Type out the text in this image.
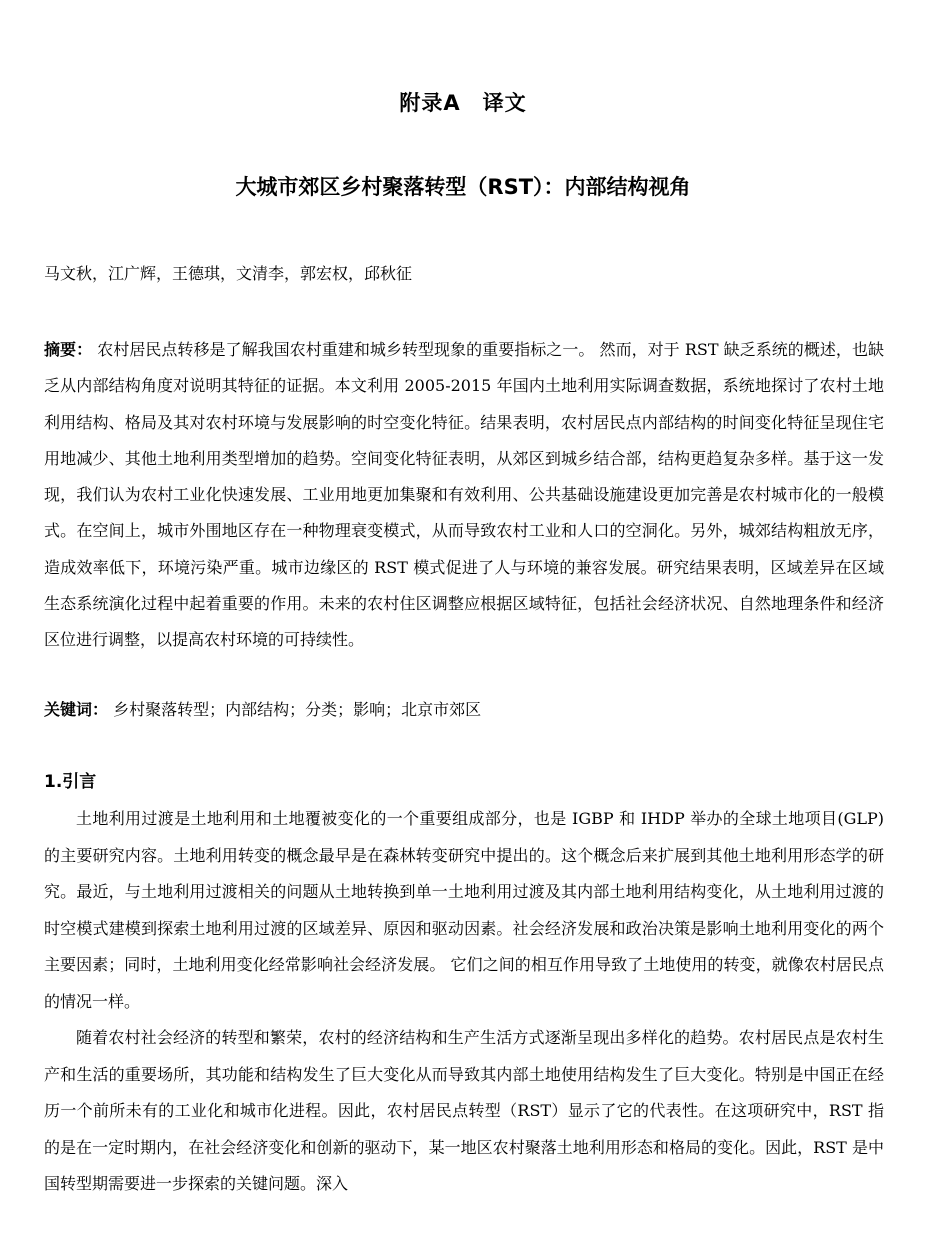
附录A 译文
大城市郊区乡村聚落转型（RST）：内部结构视角
马文秋，江广辉，王德琪，文清李，郭宏权，邱秋征
摘要： 农村居民点转移是了解我国农村重建和城乡转型现象的重要指标之一。 然而，对于 RST 缺乏系统的概述，也缺乏从内部结构角度对说明其特征的证据。本文利用 2005-2015 年国内土地利用实际调查数据，系统地探讨了农村土地利用结构、格局及其对农村环境与发展影响的时空变化特征。结果表明，农村居民点内部结构的时间变化特征呈现住宅用地减少、其他土地利用类型增加的趋势。空间变化特征表明，从郊区到城乡结合部，结构更趋复杂多样。基于这一发现，我们认为农村工业化快速发展、工业用地更加集聚和有效利用、公共基础设施建设更加完善是农村城市化的一般模式。在空间上，城市外围地区存在一种物理衰变模式，从而导致农村工业和人口的空洞化。另外，城郊结构粗放无序，造成效率低下，环境污染严重。城市边缘区的 RST 模式促进了人与环境的兼容发展。研究结果表明，区域差异在区域生态系统演化过程中起着重要的作用。未来的农村住区调整应根据区域特征，包括社会经济状况、自然地理条件和经济区位进行调整，以提高农村环境的可持续性。
关键词： 乡村聚落转型；内部结构；分类；影响；北京市郊区
1.引言

土地利用过渡是土地利用和土地覆被变化的一个重要组成部分，也是 IGBP 和 IHDP 举办的全球土地项目(GLP)的主要研究内容。土地利用转变的概念最早是在森林转变研究中提出的。这个概念后来扩展到其他土地利用形态学的研究。最近，与土地利用过渡相关的问题从土地转换到单一土地利用过渡及其内部土地利用结构变化，从土地利用过渡的时空模式建模到探索土地利用过渡的区域差异、原因和驱动因素。社会经济发展和政治决策是影响土地利用变化的两个主要因素；同时，土地利用变化经常影响社会经济发展。 它们之间的相互作用导致了土地使用的转变，就像农村居民点的情况一样。

随着农村社会经济的转型和繁荣，农村的经济结构和生产生活方式逐渐呈现出多样化的趋势。农村居民点是农村生产和生活的重要场所，其功能和结构发生了巨大变化从而导致其内部土地使用结构发生了巨大变化。特别是中国正在经历一个前所未有的工业化和城市化进程。因此，农村居民点转型（RST）显示了它的代表性。在这项研究中，RST 指的是在一定时期内，在社会经济变化和创新的驱动下，某一地区农村聚落土地利用形态和格局的变化。因此，RST 是中国转型期需要进一步探索的关键问题。深入
